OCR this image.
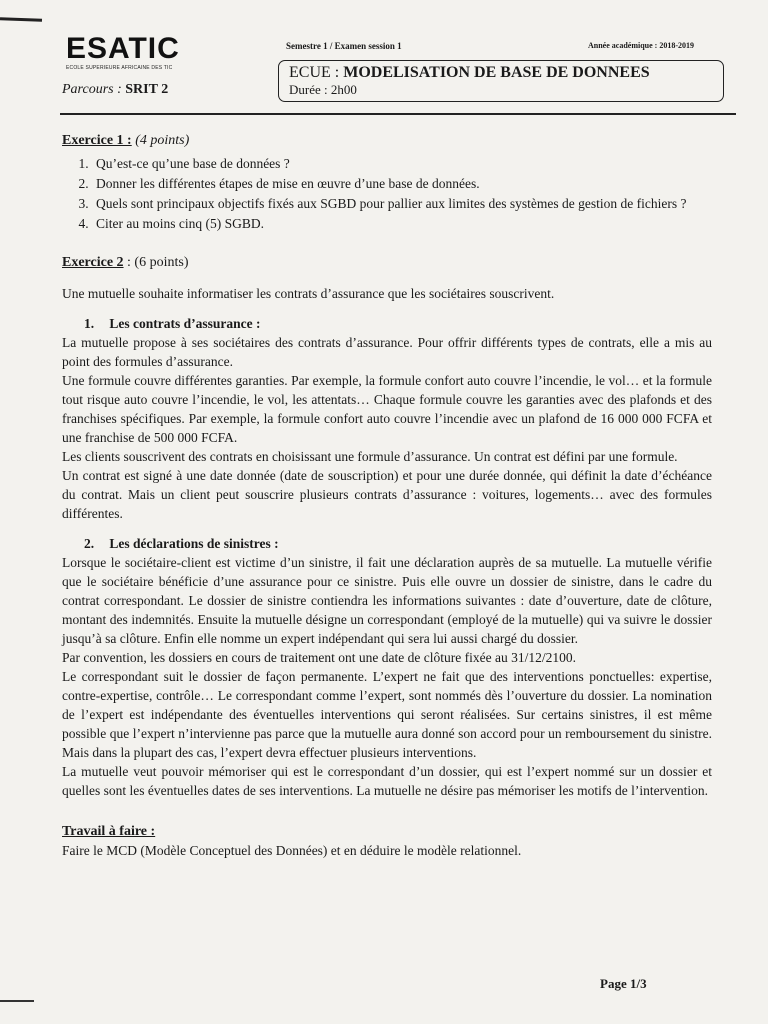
ESATIC
ECOLE SUPERIEURE AFRICAINE DES TIC
Parcours : SRIT 2
Semestre 1 / Examen session 1	Année académique : 2018-2019
ECUE : MODELISATION DE BASE DE DONNEES
Durée : 2h00
Exercice 1 : (4 points)
1. Qu’est-ce qu’une base de données ?
2. Donner les différentes étapes de mise en œuvre d’une base de données.
3. Quels sont principaux objectifs fixés aux SGBD pour pallier aux limites des systèmes de gestion de fichiers ?
4. Citer au moins cinq (5) SGBD.
Exercice 2 : (6 points)

Une mutuelle souhaite informatiser les contrats d’assurance que les sociétaires souscrivent.

1. Les contrats d’assurance :

La mutuelle propose à ses sociétaires des contrats d’assurance. Pour offrir différents types de contrats, elle a mis au point des formules d’assurance.

Une formule couvre différentes garanties. Par exemple, la formule confort auto couvre l’incendie, le vol… et la formule tout risque auto couvre l’incendie, le vol, les attentats… Chaque formule couvre les garanties avec des plafonds et des franchises spécifiques. Par exemple, la formule confort auto couvre l’incendie avec un plafond de 16 000 000 FCFA et une franchise de 500 000 FCFA.

Les clients souscrivent des contrats en choisissant une formule d’assurance. Un contrat est défini par une formule.

Un contrat est signé à une date donnée (date de souscription) et pour une durée donnée, qui définit la date d’échéance du contrat. Mais un client peut souscrire plusieurs contrats d’assurance : voitures, logements… avec des formules différentes.

2. Les déclarations de sinistres :

Lorsque le sociétaire-client est victime d’un sinistre, il fait une déclaration auprès de sa mutuelle. La mutuelle vérifie que le sociétaire bénéficie d’une assurance pour ce sinistre. Puis elle ouvre un dossier de sinistre, dans le cadre du contrat correspondant. Le dossier de sinistre contiendra les informations suivantes : date d’ouverture, date de clôture, montant des indemnités. Ensuite la mutuelle désigne un correspondant (employé de la mutuelle) qui va suivre le dossier jusqu’à sa clôture. Enfin elle nomme un expert indépendant qui sera lui aussi chargé du dossier.

Par convention, les dossiers en cours de traitement ont une date de clôture fixée au 31/12/2100.

Le correspondant suit le dossier de façon permanente. L’expert ne fait que des interventions ponctuelles: expertise, contre-expertise, contrôle… Le correspondant comme l’expert, sont nommés dès l’ouverture du dossier. La nomination de l’expert est indépendante des éventuelles interventions qui seront réalisées. Sur certains sinistres, il est même possible que l’expert n’intervienne pas parce que la mutuelle aura donné son accord pour un remboursement du sinistre. Mais dans la plupart des cas, l’expert devra effectuer plusieurs interventions.

La mutuelle veut pouvoir mémoriser qui est le correspondant d’un dossier, qui est l’expert nommé sur un dossier et quelles sont les éventuelles dates de ses interventions. La mutuelle ne désire pas mémoriser les motifs de l’intervention.

Travail à faire :

Faire le MCD (Modèle Conceptuel des Données) et en déduire le modèle relationnel.

Page 1/3
